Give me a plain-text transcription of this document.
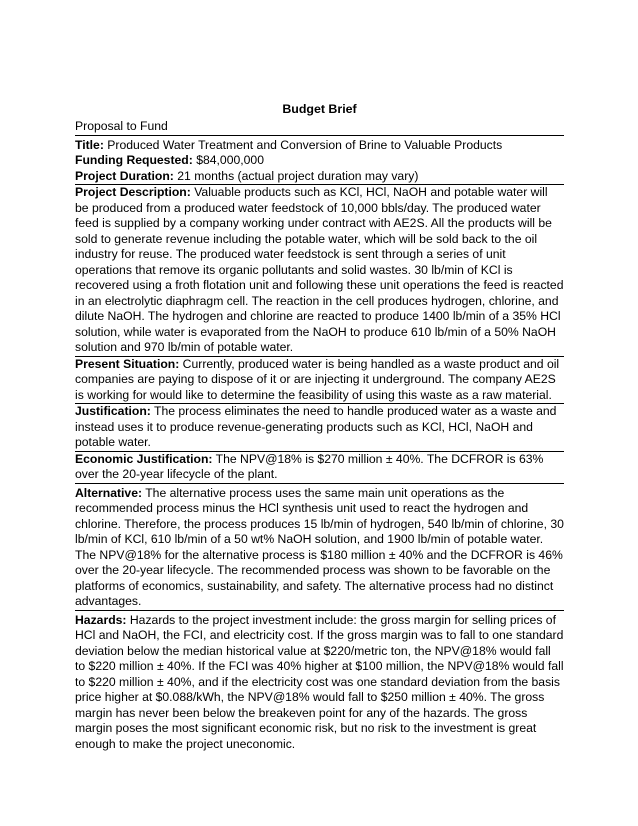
Budget Brief
Proposal to Fund
Title: Produced Water Treatment and Conversion of Brine to Valuable Products
Funding Requested: $84,000,000
Project Duration: 21 months (actual project duration may vary)

Project Description: Valuable products such as KCl, HCl, NaOH and potable water will be produced from a produced water feedstock of 10,000 bbls/day. The produced water feed is supplied by a company working under contract with AE2S. All the products will be sold to generate revenue including the potable water, which will be sold back to the oil industry for reuse. The produced water feedstock is sent through a series of unit operations that remove its organic pollutants and solid wastes. 30 lb/min of KCl is recovered using a froth flotation unit and following these unit operations the feed is reacted in an electrolytic diaphragm cell. The reaction in the cell produces hydrogen, chlorine, and dilute NaOH. The hydrogen and chlorine are reacted to produce 1400 lb/min of a 35% HCl solution, while water is evaporated from the NaOH to produce 610 lb/min of a 50% NaOH solution and 970 lb/min of potable water.

Present Situation: Currently, produced water is being handled as a waste product and oil companies are paying to dispose of it or are injecting it underground. The company AE2S is working for would like to determine the feasibility of using this waste as a raw material.

Justification: The process eliminates the need to handle produced water as a waste and instead uses it to produce revenue-generating products such as KCl, HCl, NaOH and potable water.

Economic Justification: The NPV@18% is $270 million ± 40%. The DCFROR is 63% over the 20-year lifecycle of the plant.

Alternative: The alternative process uses the same main unit operations as the recommended process minus the HCl synthesis unit used to react the hydrogen and chlorine. Therefore, the process produces 15 lb/min of hydrogen, 540 lb/min of chlorine, 30 lb/min of KCl, 610 lb/min of a 50 wt% NaOH solution, and 1900 lb/min of potable water. The NPV@18% for the alternative process is $180 million ± 40% and the DCFROR is 46% over the 20-year lifecycle. The recommended process was shown to be favorable on the platforms of economics, sustainability, and safety. The alternative process had no distinct advantages.

Hazards: Hazards to the project investment include: the gross margin for selling prices of HCl and NaOH, the FCI, and electricity cost. If the gross margin was to fall to one standard deviation below the median historical value at $220/metric ton, the NPV@18% would fall to $220 million ± 40%. If the FCI was 40% higher at $100 million, the NPV@18% would fall to $220 million ± 40%, and if the electricity cost was one standard deviation from the basis price higher at $0.088/kWh, the NPV@18% would fall to $250 million ± 40%. The gross margin has never been below the breakeven point for any of the hazards. The gross margin poses the most significant economic risk, but no risk to the investment is great enough to make the project uneconomic.
